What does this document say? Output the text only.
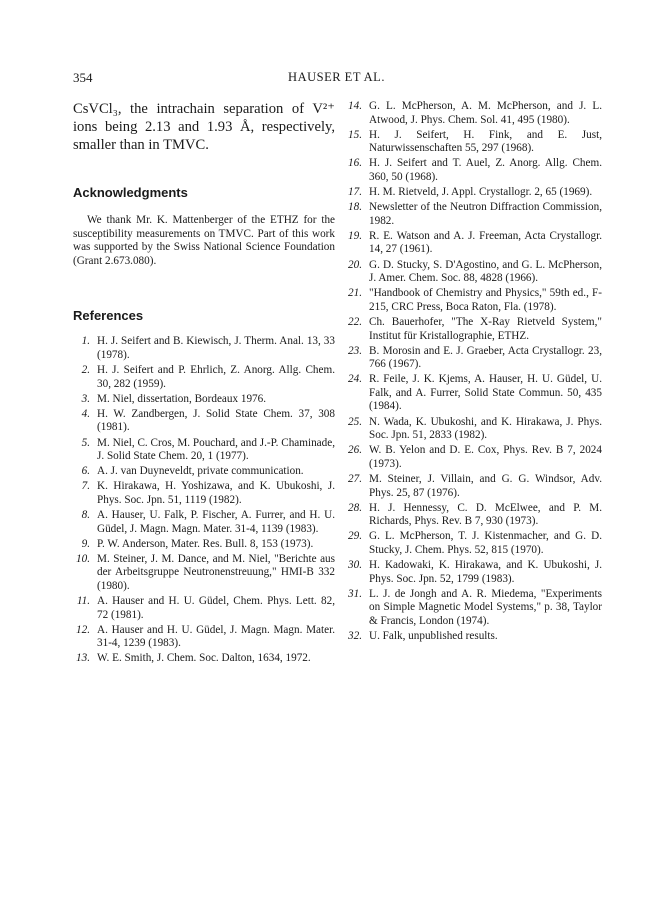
354	HAUSER ET AL.

CsVCl₃, the intrachain separation of V²⁺ ions being 2.13 and 1.93 Å, respectively, smaller than in TMVC.

Acknowledgments

We thank Mr. K. Mattenberger of the ETHZ for the susceptibility measurements on TMVC. Part of this work was supported by the Swiss National Science Foundation (Grant 2.673.080).

References
1. H. J. Seifert and B. Kiewisch, J. Therm. Anal. 13, 33 (1978).
2. H. J. Seifert and P. Ehrlich, Z. Anorg. Allg. Chem. 30, 282 (1959).
3. M. Niel, dissertation, Bordeaux 1976.
4. H. W. Zandbergen, J. Solid State Chem. 37, 308 (1981).
5. M. Niel, C. Cros, M. Pouchard, and J.-P. Chaminade, J. Solid State Chem. 20, 1 (1977).
6. A. J. van Duyneveldt, private communication.
7. K. Hirakawa, H. Yoshizawa, and K. Ubukoshi, J. Phys. Soc. Jpn. 51, 1119 (1982).
8. A. Hauser, U. Falk, P. Fischer, A. Furrer, and H. U. Güdel, J. Magn. Magn. Mater. 31-4, 1139 (1983).
9. P. W. Anderson, Mater. Res. Bull. 8, 153 (1973).
10. M. Steiner, J. M. Dance, and M. Niel, "Berichte aus der Arbeitsgruppe Neutronenstreuung," HMI-B 332 (1980).
11. A. Hauser and H. U. Güdel, Chem. Phys. Lett. 82, 72 (1981).
12. A. Hauser and H. U. Güdel, J. Magn. Magn. Mater. 31-4, 1239 (1983).
13. W. E. Smith, J. Chem. Soc. Dalton, 1634, 1972.
14. G. L. McPherson, A. M. McPherson, and J. L. Atwood, J. Phys. Chem. Sol. 41, 495 (1980).
15. H. J. Seifert, H. Fink, and E. Just, Naturwissenschaften 55, 297 (1968).
16. H. J. Seifert and T. Auel, Z. Anorg. Allg. Chem. 360, 50 (1968).
17. H. M. Rietveld, J. Appl. Crystallogr. 2, 65 (1969).
18. Newsletter of the Neutron Diffraction Commission, 1982.
19. R. E. Watson and A. J. Freeman, Acta Crystallogr. 14, 27 (1961).
20. G. D. Stucky, S. D'Agostino, and G. L. McPherson, J. Amer. Chem. Soc. 88, 4828 (1966).
21. "Handbook of Chemistry and Physics," 59th ed., F-215, CRC Press, Boca Raton, Fla. (1978).
22. Ch. Bauerhofer, "The X-Ray Rietveld System," Institut für Kristallographie, ETHZ.
23. B. Morosin and E. J. Graeber, Acta Crystallogr. 23, 766 (1967).
24. R. Feile, J. K. Kjems, A. Hauser, H. U. Güdel, U. Falk, and A. Furrer, Solid State Commun. 50, 435 (1984).
25. N. Wada, K. Ubukoshi, and K. Hirakawa, J. Phys. Soc. Jpn. 51, 2833 (1982).
26. W. B. Yelon and D. E. Cox, Phys. Rev. B 7, 2024 (1973).
27. M. Steiner, J. Villain, and G. G. Windsor, Adv. Phys. 25, 87 (1976).
28. H. J. Hennessy, C. D. McElwee, and P. M. Richards, Phys. Rev. B 7, 930 (1973).
29. G. L. McPherson, T. J. Kistenmacher, and G. D. Stucky, J. Chem. Phys. 52, 815 (1970).
30. H. Kadowaki, K. Hirakawa, and K. Ubukoshi, J. Phys. Soc. Jpn. 52, 1799 (1983).
31. L. J. de Jongh and A. R. Miedema, "Experiments on Simple Magnetic Model Systems," p. 38, Taylor & Francis, London (1974).
32. U. Falk, unpublished results.
